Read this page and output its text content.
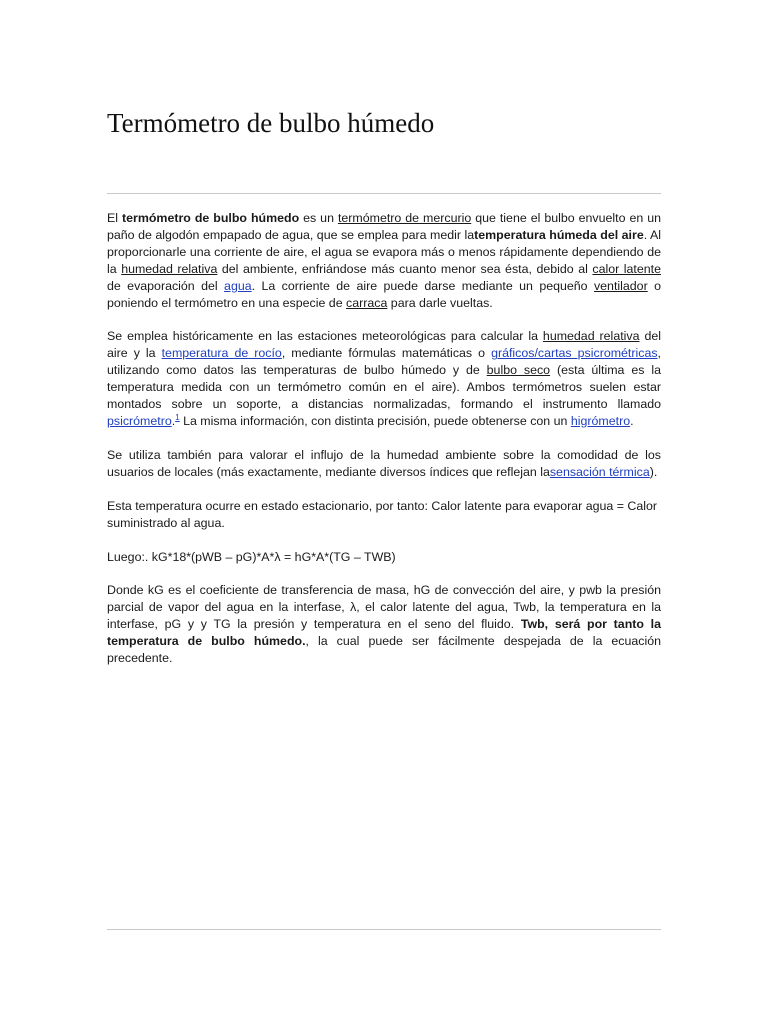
Termómetro de bulbo húmedo

El termómetro de bulbo húmedo es un termómetro de mercurio que tiene el bulbo envuelto en un paño de algodón empapado de agua, que se emplea para medir latemperatura húmeda del aire. Al proporcionarle una corriente de aire, el agua se evapora más o menos rápidamente dependiendo de la humedad relativa del ambiente, enfriándose más cuanto menor sea ésta, debido al calor latente de evaporación del agua. La corriente de aire puede darse mediante un pequeño ventilador o poniendo el termómetro en una especie de carraca para darle vueltas.

Se emplea históricamente en las estaciones meteorológicas para calcular la humedad relativa del aire y la temperatura de rocío, mediante fórmulas matemáticas o gráficos/cartas psicrométricas, utilizando como datos las temperaturas de bulbo húmedo y de bulbo seco (esta última es la temperatura medida con un termómetro común en el aire). Ambos termómetros suelen estar montados sobre un soporte, a distancias normalizadas, formando el instrumento llamado psicrómetro.$^1$ La misma información, con distinta precisión, puede obtenerse con un higrómetro.

Se utiliza también para valorar el influjo de la humedad ambiente sobre la comodidad de los usuarios de locales (más exactamente, mediante diversos índices que reflejan lasensación térmica).

Esta temperatura ocurre en estado estacionario, por tanto: Calor latente para evaporar agua = Calor suministrado al agua.

Luego:. kG*18*(pWB – pG)*A*λ = hG*A*(TG – TWB)

Donde kG es el coeficiente de transferencia de masa, hG de convección del aire, y pwb la presión parcial de vapor del agua en la interfase, λ, el calor latente del agua, Twb, la temperatura en la interfase, pG y y TG la presión y temperatura en el seno del fluido. Twb, será por tanto la temperatura de bulbo húmedo., la cual puede ser fácilmente despejada de la ecuación precedente.
